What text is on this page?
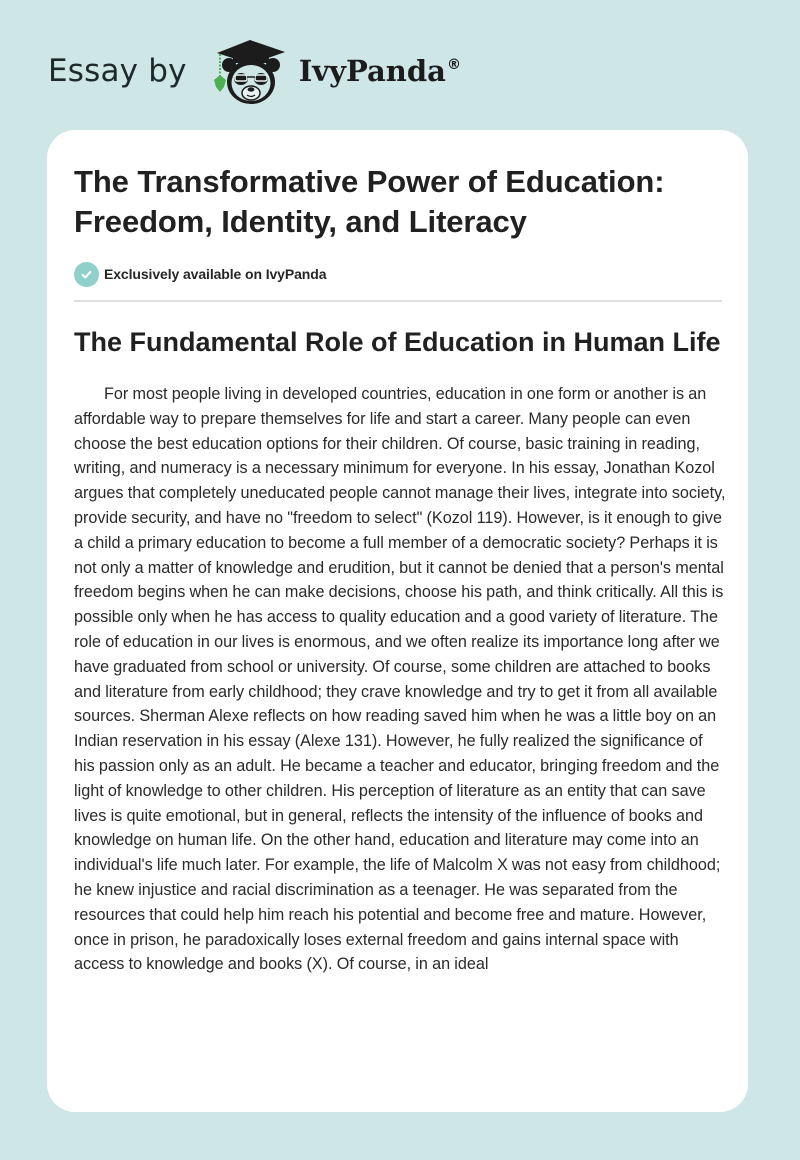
Essay by	IvyPanda®
The Transformative Power of Education: Freedom, Identity, and Literacy
Exclusively available on IvyPanda
The Fundamental Role of Education in Human Life

For most people living in developed countries, education in one form or another is an affordable way to prepare themselves for life and start a career. Many people can even choose the best education options for their children. Of course, basic training in reading, writing, and numeracy is a necessary minimum for everyone. In his essay, Jonathan Kozol argues that completely uneducated people cannot manage their lives, integrate into society, provide security, and have no "freedom to select" (Kozol 119). However, is it enough to give a child a primary education to become a full member of a democratic society? Perhaps it is not only a matter of knowledge and erudition, but it cannot be denied that a person's mental freedom begins when he can make decisions, choose his path, and think critically. All this is possible only when he has access to quality education and a good variety of literature. The role of education in our lives is enormous, and we often realize its importance long after we have graduated from school or university. Of course, some children are attached to books and literature from early childhood; they crave knowledge and try to get it from all available sources. Sherman Alexe reflects on how reading saved him when he was a little boy on an Indian reservation in his essay (Alexe 131). However, he fully realized the significance of his passion only as an adult. He became a teacher and educator, bringing freedom and the light of knowledge to other children. His perception of literature as an entity that can save lives is quite emotional, but in general, reflects the intensity of the influence of books and knowledge on human life. On the other hand, education and literature may come into an individual's life much later. For example, the life of Malcolm X was not easy from childhood; he knew injustice and racial discrimination as a teenager. He was separated from the resources that could help him reach his potential and become free and mature. However, once in prison, he paradoxically loses external freedom and gains internal space with access to knowledge and books (X). Of course, in an ideal
